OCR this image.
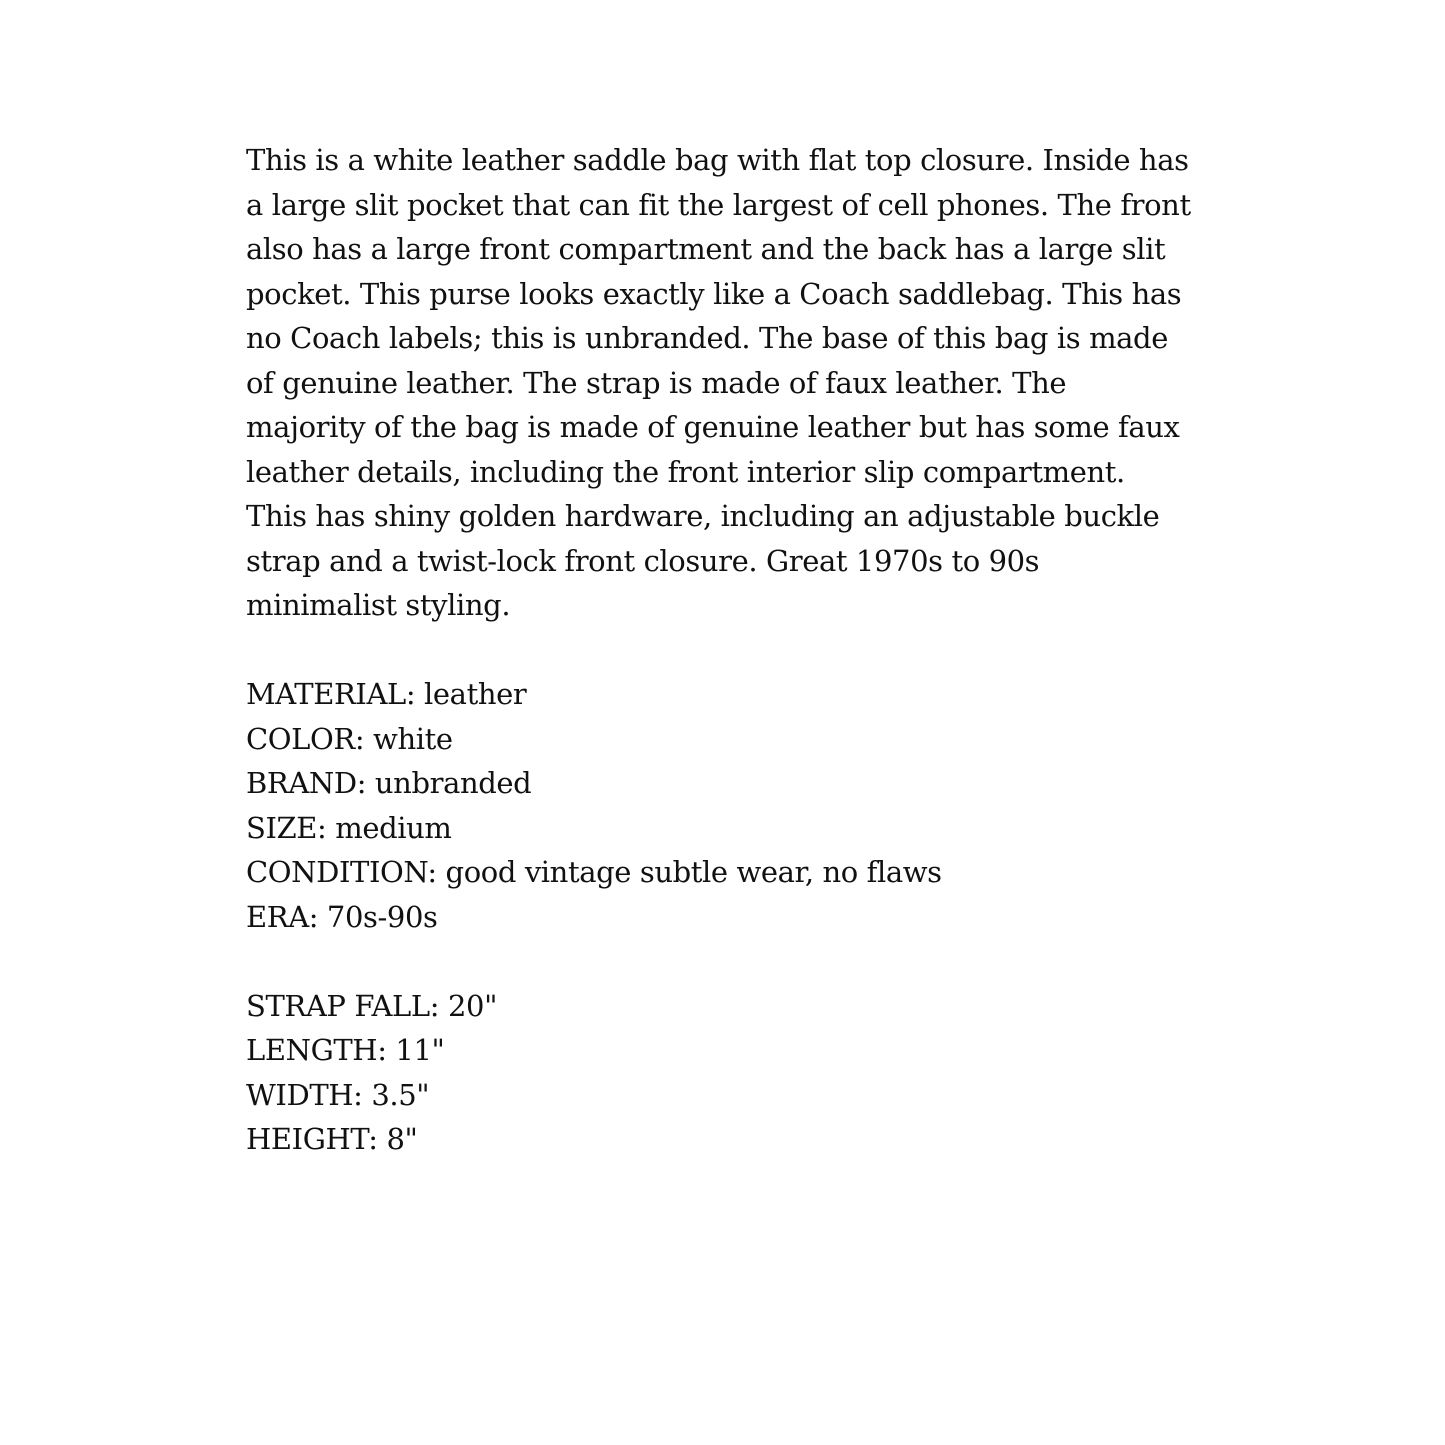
This is a white leather saddle bag with flat top closure. Inside has
a large slit pocket that can fit the largest of cell phones. The front
also has a large front compartment and the back has a large slit
pocket. This purse looks exactly like a Coach saddlebag. This has
no Coach labels; this is unbranded. The base of this bag is made
of genuine leather. The strap is made of faux leather. The
majority of the bag is made of genuine leather but has some faux
leather details, including the front interior slip compartment.
This has shiny golden hardware, including an adjustable buckle
strap and a twist-lock front closure. Great 1970s to 90s
minimalist styling.

MATERIAL: leather
COLOR: white
BRAND: unbranded
SIZE: medium
CONDITION: good vintage subtle wear, no flaws
ERA: 70s-90s
STRAP FALL: 20"
LENGTH: 11"
WIDTH: 3.5"
HEIGHT: 8"
